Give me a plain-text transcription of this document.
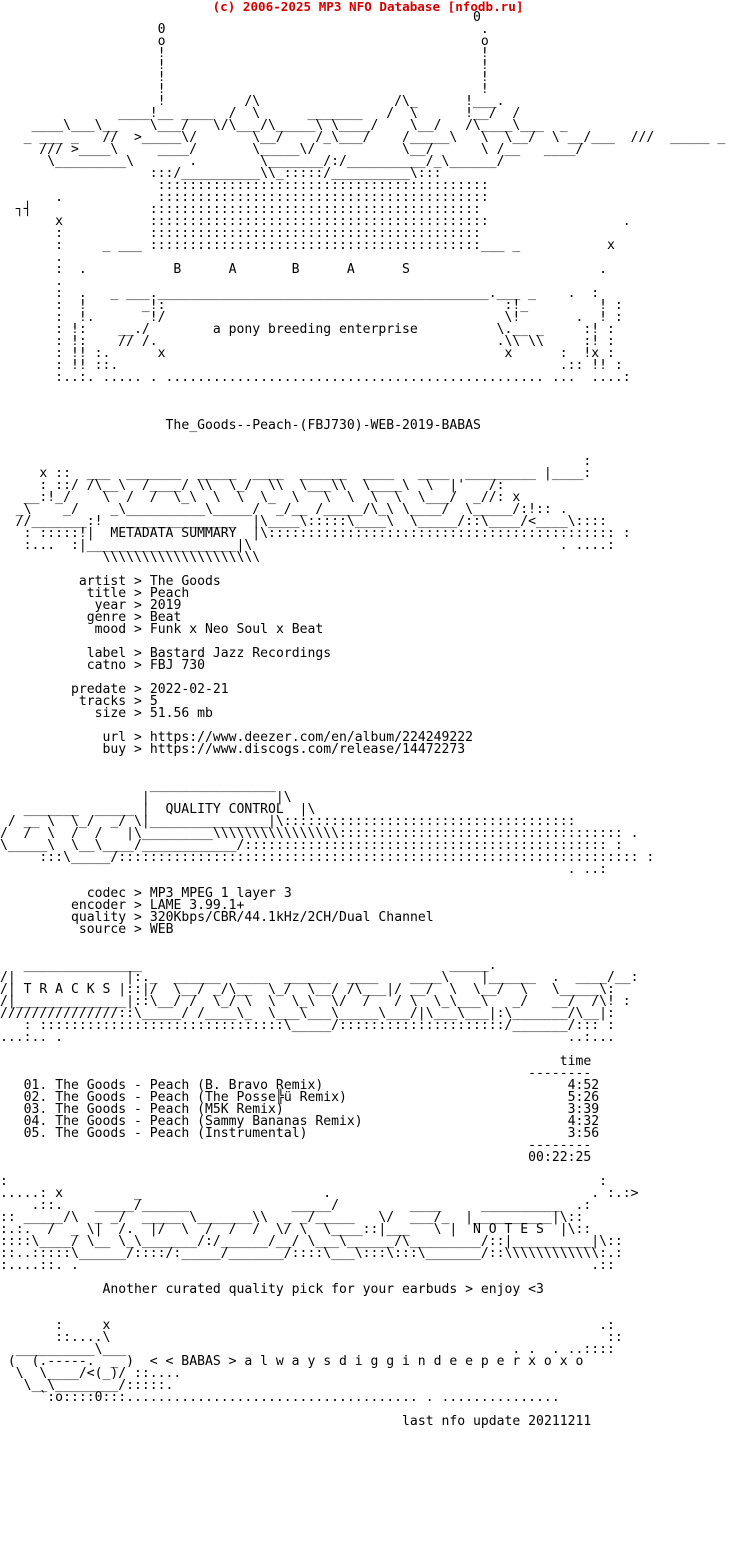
(c) 2006-2025 MP3 NFO Database [nfodb.ru]
0
0                                        .
o                                        o
!                                        !
!                                        !
!                                        !
!                                        !
!          /\                 /\_      !___.
____!__ ____  /  \      _______   /  \      !__/  /
____\___\__    \___/   \/\___/\_____\ \____/    \__/   /\____\___  _
_ ___ _   //  >_____\/       \__/    /_\___/    /_____\   \  \__/  \ __/___  ///  _____ _
/// >____\     ____/       \_____\/           \__/      \ /__   ____/
\_________\       .        \_______/:/__________/_\______/
:::/__________\\_:::::/__________\:::
::::::::::::::::::::::::::::::::::::::::::
.            ::::::::::::::::::::::::::::::::::::::::::
┐┤               ::::::::::::::::::::::::::::::::::::::::::
x           :::::::::::::::::::::::::::::::::::::::::::                 .
:           ::::::::::::::::::::::::::::::::::::::::::
:     _ ___ ::::::::::::::::::::::::::::::::::::::::::___ _           x
.
:  .           B      A       B      A      S                        .
.
:  .   _ ___.__________________________________________.___ _    .  :
:  !       _!:                                           :!_         ! :
:  !.       !/                                           \!       .  ! :
: !:    __./        a pony breeding enterprise          \.__ _     :! :
: !:    // /.                                           .\\ \\     :! :
: !! :.      x                                           x      :  !x :
: !! ::.                                                        .:: !! :
:..:. ..... . ................................................ ...  ....:

The_Goods--Peach-(FBJ730)-WEB-2019-BABAS

:
x ::  ___  _______  _____  ____  ______  ____   ____  _________ |____:
: ::/ /\__\  /____/ \\  \_/  \\  \___\\  \____\  \  |'   /:
__:!_/    \  /  /  \_\  \  \  \_  \   \  \  \  \  \___/  _//: x
_\    _/    _\__________\_____/  _/__ /_____/\_\ \____/  \_____/:!:: .
//_______:!   ______________  |\____\:::::\____\  \_____/::\____/<____\::::
: :::::!|  METADATA SUMMARY  |\:::::::::::::::::::::::::::::::::::::::::::: :
:...  :|___________________|\                                       . ....:
\\\\\\\\\\\\\\\\\\\\

artist > The Goods
title > Peach
year > 2019
genre > Beat
mood > Funk x Neo Soul x Beat

label > Bastard Jazz Recordings
catno > FBJ 730

predate > 2022-02-21
tracks > 5
size > 51.56 mb

url > https://www.deezer.com/en/album/224249222
buy > https://www.discogs.com/release/14472273

________________
|                |\
_______  _____ |  QUALITY CONTROL  |\
/ __ \  \_/  _/ \|_______________|\:::::::::::::::::::::::::::::::::::::
/  /  \  /  /   |\_________\\\\\\\\\\\\\\\\:::::::::::::::::::::::::::::::::::: .
\_____\  \__\____/____________/:::::::::::::::::::::::::::::::::::::::::::::: :
:::\_____/:::::::::::::::::::::::::::::::::::::::::::::::::::::::::::::::::: :
. ..:

codec > MP3 MPEG 1 layer 3
encoder > LAME 3.99.1+
quality > 320Kbps/CBR/44.1kHz/2CH/Dual Channel
source > WEB

_______________                                       _____.
/|              |:._  ______  ____  ______  ____    ____\    |______  .  ____/__:
/| T R A C K S |::|/  \__/ _/\__  \_/  \__/ /\___|/ __/  \  \__/  \   \_____\:
/|______________|::\__/ /  \_/ \  \  \_\  \/  /   / \  \_\___\   _/   __/  /\! :
///////////////::\_____/ /____\_  \___\___\_____\___/|\___\___|:\_______/\__|:
: :::::::::::::::::::::::::::::::\_____/:::::::::::::::::::::/_______/::: :
...:.. .                                                                ..:...

time
--------
01. The Goods - Peach (B. Bravo Remix)                               4:52
02. The Goods - Peach (The Posse╠ü Remix)                            5:26
03. The Goods - Peach (M5K Remix)                                    3:39
04. The Goods - Peach (Sammy Bananas Remix)                          4:32
05. The Goods - Peach (Instrumental)                                 3:56
--------
00:22:25

:                                                                           :
.....: x         _                       .                                 . :.:>
.::.    _____/______             _____/         ____     __________  .:
:: _____/\  _ _/  _____ \_______\\  _ _/_____   \/  ___/_  |__________|\::
:.:.  /  _ \|  /.  |/  \  /  /  /  \/ \  \____::|___   \ |  N O T E S  |\::
::::\____/ \__ \_\_______/:/______/__/ \___\______/\_________/::|__________|\::
::..:::::\______/::::/:_____/_______/::::\___\:::\:::\_______/::\\\\\\\\\\\\:.:
:....::. .                                                                 .::

Another curated quality pick for your earbuds > enjoy <3

:     x                                                              .:
::....\                                                               ::
__________\___                                                 . .  . ..::::
(  (.-----.  _ )  < < BABAS > a l w a y s d i g g i n d e e p e r x o x o
\  \____/<(_)/ ::....
\__\________/:::::.
`:o::::0:::..................................... . ...............

last nfo update 20211211
